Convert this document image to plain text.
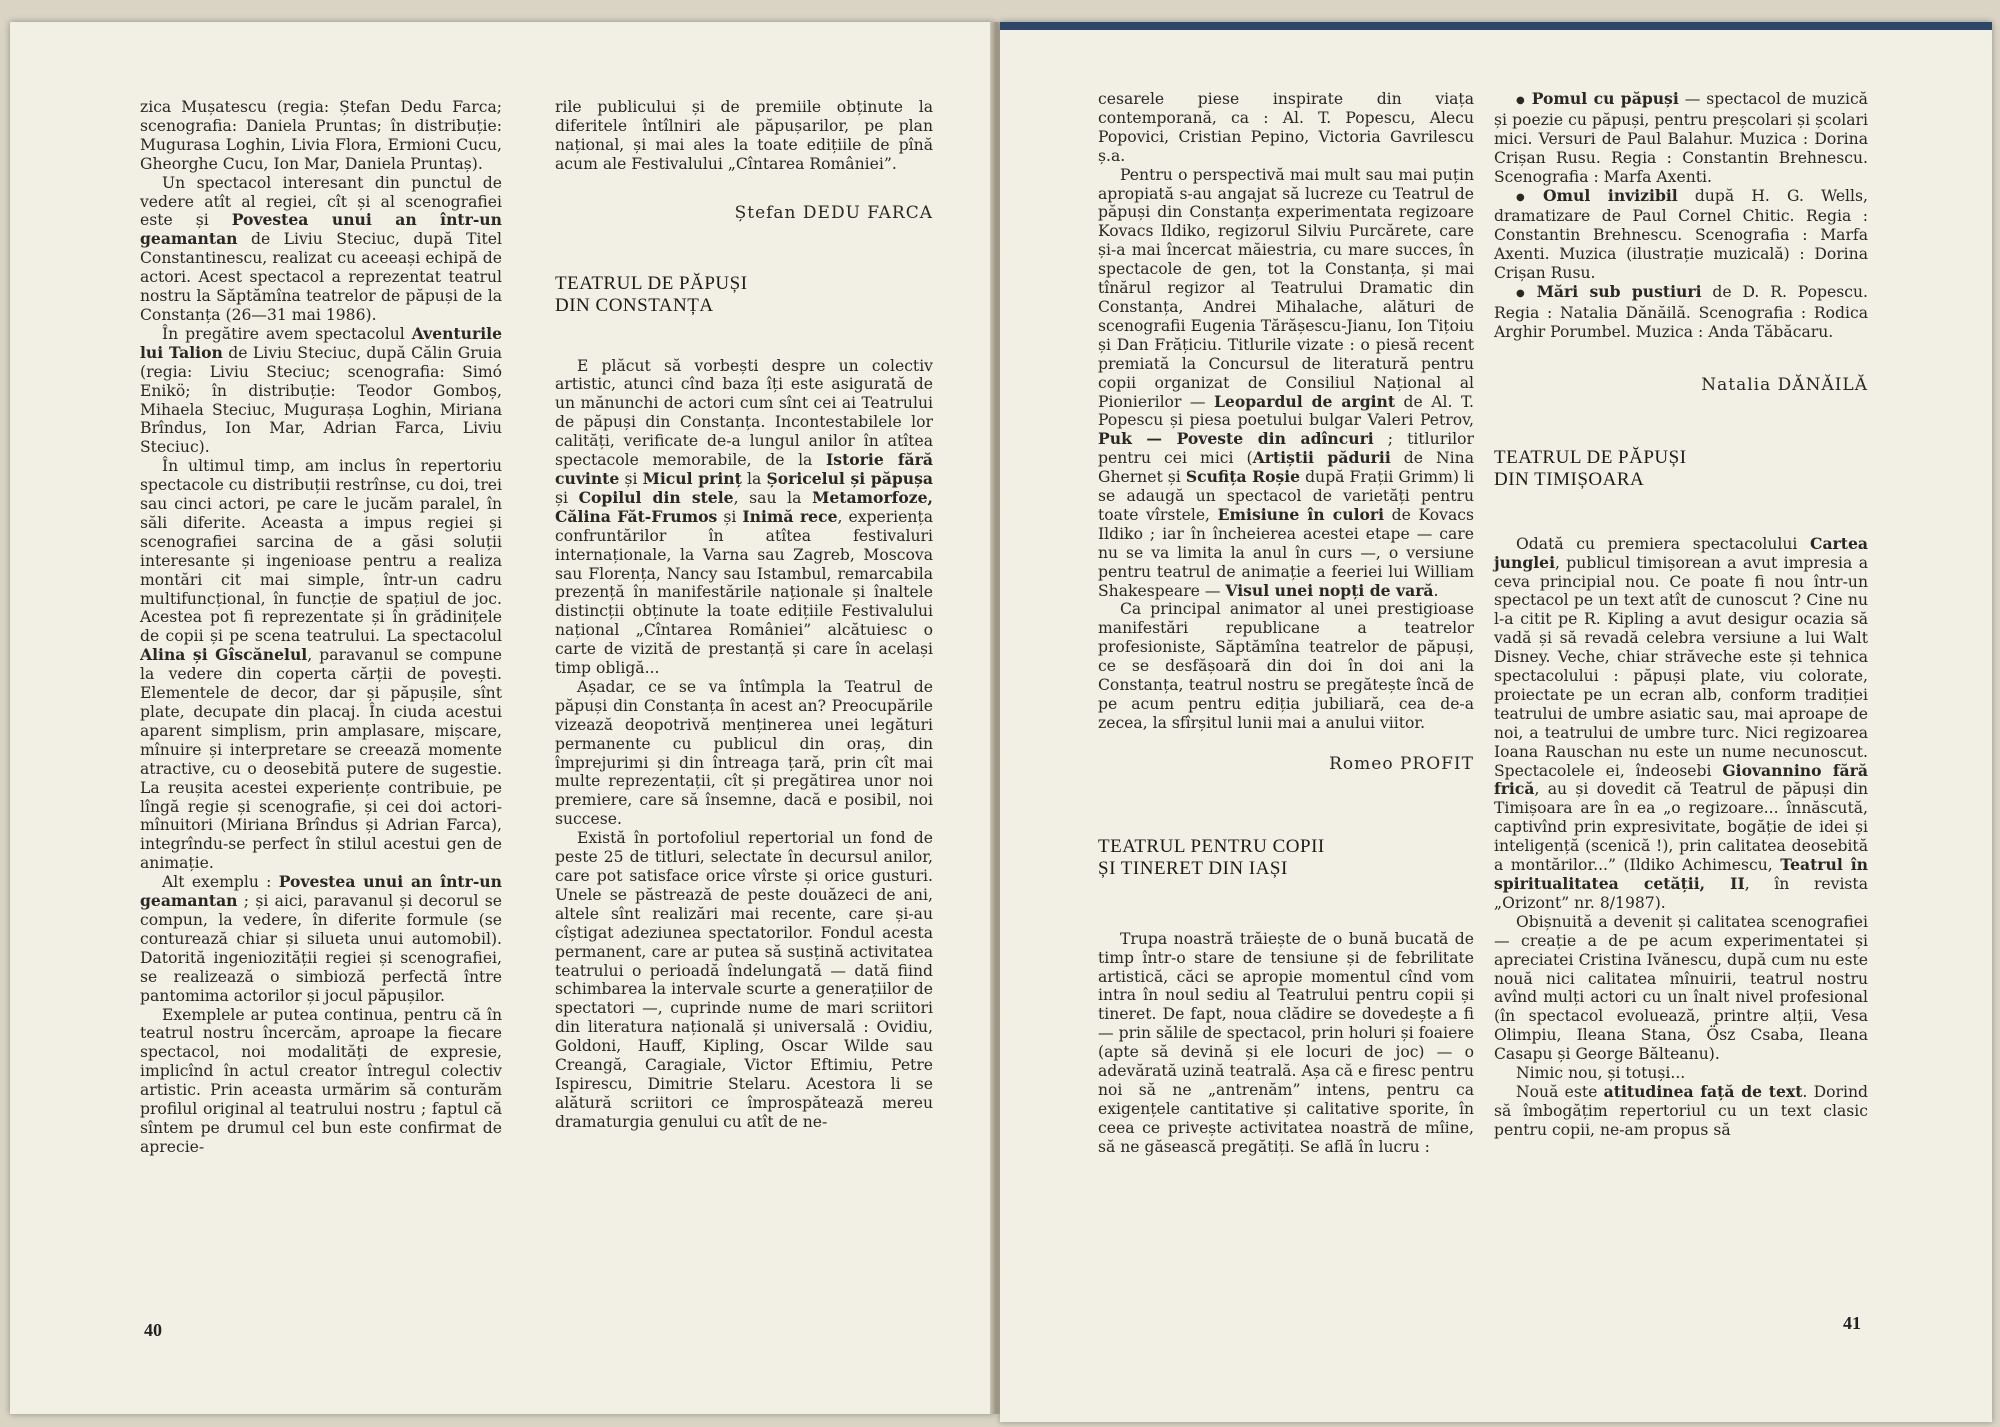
zica Mușatescu (regia: Ștefan Dedu Farca; scenografia: Daniela Pruntas; în distribuție: Mugurasa Loghin, Livia Flora, Ermioni Cucu, Gheorghe Cucu, Ion Mar, Daniela Pruntaș).

Un spectacol interesant din punctul de vedere atît al regiei, cît și al scenografiei este și Povestea unui an într-un geamantan de Liviu Steciuc, după Titel Constantinescu, realizat cu aceeași echipă de actori. Acest spectacol a reprezentat teatrul nostru la Săptămîna teatrelor de păpuși de la Constanța (26—31 mai 1986).

În pregătire avem spectacolul Aventurile lui Talion de Liviu Steciuc, după Călin Gruia (regia: Liviu Steciuc; scenografia: Simó Enikö; în distribuție: Teodor Gomboș, Mihaela Steciuc, Mugurașa Loghin, Miriana Brîndus, Ion Mar, Adrian Farca, Liviu Steciuc).

În ultimul timp, am inclus în repertoriu spectacole cu distribuții restrînse, cu doi, trei sau cinci actori, pe care le jucăm paralel, în săli diferite. Aceasta a impus regiei și scenografiei sarcina de a găsi soluții interesante și ingenioase pentru a realiza montări cit mai simple, într-un cadru multifuncțional, în funcție de spațiul de joc. Acestea pot fi reprezentate și în grădinițele de copii și pe scena teatrului. La spectacolul Alina și Gîscănelul, paravanul se compune la vedere din coperta cărții de povești. Elementele de decor, dar și păpușile, sînt plate, decupate din placaj. În ciuda acestui aparent simplism, prin amplasare, mișcare, mînuire și interpretare se creează momente atractive, cu o deosebită putere de sugestie. La reușita acestei experiențe contribuie, pe lîngă regie și scenografie, și cei doi actori-mînuitori (Miriana Brîndus și Adrian Farca), integrîndu-se perfect în stilul acestui gen de animație.

Alt exemplu : Povestea unui an într-un geamantan ; și aici, paravanul și decorul se compun, la vedere, în diferite formule (se conturează chiar și silueta unui automobil). Datorită ingeniozității regiei și scenografiei, se realizează o simbioză perfectă între pantomima actorilor și jocul păpușilor.

Exemplele ar putea continua, pentru că în teatrul nostru încercăm, aproape la fiecare spectacol, noi modalități de expresie, implicînd în actul creator întregul colectiv artistic. Prin aceasta urmărim să conturăm profilul original al teatrului nostru ; faptul că sîntem pe drumul cel bun este confirmat de aprecie-

rile publicului și de premiile obținute la diferitele întîlniri ale păpușarilor, pe plan național, și mai ales la toate edițiile de pînă acum ale Festivalului „Cîntarea României”.

Ștefan DEDU FARCA

TEATRUL DE PĂPUȘI
DIN CONSTANȚA

E plăcut să vorbești despre un colectiv artistic, atunci cînd baza îți este asigurată de un mănunchi de actori cum sînt cei ai Teatrului de păpuși din Constanța. Incontestabilele lor calități, verificate de-a lungul anilor în atîtea spectacole memorabile, de la Istorie fără cuvinte și Micul prinț la Șoricelul și păpușa și Copilul din stele, sau la Metamorfoze, Călina Făt-Frumos și Inimă rece, experiența confruntărilor în atîtea festivaluri internaționale, la Varna sau Zagreb, Moscova sau Florența, Nancy sau Istambul, remarcabila prezență în manifestările naționale și înaltele distincții obținute la toate edițiile Festivalului național „Cîntarea României” alcătuiesc o carte de vizită de prestanță și care în același timp obligă...

Așadar, ce se va întîmpla la Teatrul de păpuși din Constanța în acest an? Preocupările vizează deopotrivă menținerea unei legături permanente cu publicul din oraș, din împrejurimi și din întreaga țară, prin cît mai multe reprezentații, cît și pregătirea unor noi premiere, care să însemne, dacă e posibil, noi succese.

Există în portofoliul repertorial un fond de peste 25 de titluri, selectate în decursul anilor, care pot satisface orice vîrste și orice gusturi. Unele se păstrează de peste douăzeci de ani, altele sînt realizări mai recente, care și-au cîștigat adeziunea spectatorilor. Fondul acesta permanent, care ar putea să susțină activitatea teatrului o perioadă îndelungată — dată fiind schimbarea la intervale scurte a generațiilor de spectatori —, cuprinde nume de mari scriitori din literatura națională și universală : Ovidiu, Goldoni, Hauff, Kipling, Oscar Wilde sau Creangă, Caragiale, Victor Eftimiu, Petre Ispirescu, Dimitrie Stelaru. Acestora li se alătură scriitori ce împrospătează mereu dramaturgia genului cu atît de ne-

40

cesarele piese inspirate din viața contemporană, ca : Al. T. Popescu, Alecu Popovici, Cristian Pepino, Victoria Gavrilescu ș.a.

Pentru o perspectivă mai mult sau mai puțin apropiată s-au angajat să lucreze cu Teatrul de păpuși din Constanța experimentata regizoare Kovacs Ildiko, regizorul Silviu Purcărete, care și-a mai încercat măiestria, cu mare succes, în spectacole de gen, tot la Constanța, și mai tînărul regizor al Teatrului Dramatic din Constanța, Andrei Mihalache, alături de scenografii Eugenia Tărășescu-Jianu, Ion Tițoiu și Dan Frățiciu. Titlurile vizate : o piesă recent premiată la Concursul de literatură pentru copii organizat de Consiliul Național al Pionierilor — Leopardul de argint de Al. T. Popescu și piesa poetului bulgar Valeri Petrov, Puk — Poveste din adîncuri ; titlurilor pentru cei mici (Artiștii pădurii de Nina Ghernet și Scufița Roșie după Frații Grimm) li se adaugă un spectacol de varietăți pentru toate vîrstele, Emisiune în culori de Kovacs Ildiko ; iar în încheierea acestei etape — care nu se va limita la anul în curs —, o versiune pentru teatrul de animație a feeriei lui William Shakespeare — Visul unei nopți de vară.

Ca principal animator al unei prestigioase manifestări republicane a teatrelor profesioniste, Săptămîna teatrelor de păpuși, ce se desfășoară din doi în doi ani la Constanța, teatrul nostru se pregătește încă de pe acum pentru ediția jubiliară, cea de-a zecea, la sfîrșitul lunii mai a anului viitor.

Romeo PROFIT

TEATRUL PENTRU COPII
ȘI TINERET DIN IAȘI

Trupa noastră trăiește de o bună bucată de timp într-o stare de tensiune și de febrilitate artistică, căci se apropie momentul cînd vom intra în noul sediu al Teatrului pentru copii și tineret. De fapt, noua clădire se dovedește a fi — prin sălile de spectacol, prin holuri și foaiere (apte să devină și ele locuri de joc) — o adevărată uzină teatrală. Așa că e firesc pentru noi să ne „antrenăm” intens, pentru ca exigențele cantitative și calitative sporite, în ceea ce privește activitatea noastră de mîine, să ne găsească pregătiți. Se află în lucru :

● Pomul cu păpuși — spectacol de muzică și poezie cu păpuși, pentru preșcolari și școlari mici. Versuri de Paul Balahur. Muzica : Dorina Crișan Rusu. Regia : Constantin Brehnescu. Scenografia : Marfa Axenti.

● Omul invizibil după H. G. Wells, dramatizare de Paul Cornel Chitic. Regia : Constantin Brehnescu. Scenografia : Marfa Axenti. Muzica (ilustrație muzicală) : Dorina Crișan Rusu.

● Mări sub pustiuri de D. R. Popescu. Regia : Natalia Dănăilă. Scenografia : Rodica Arghir Porumbel. Muzica : Anda Tăbăcaru.

Natalia DĂNĂILĂ

TEATRUL DE PĂPUȘI
DIN TIMIȘOARA

Odată cu premiera spectacolului Cartea junglei, publicul timișorean a avut impresia a ceva principial nou. Ce poate fi nou într-un spectacol pe un text atît de cunoscut ? Cine nu l-a citit pe R. Kipling a avut desigur ocazia să vadă și să revadă celebra versiune a lui Walt Disney. Veche, chiar străveche este și tehnica spectacolului : păpuși plate, viu colorate, proiectate pe un ecran alb, conform tradiției teatrului de umbre asiatic sau, mai aproape de noi, a teatrului de umbre turc. Nici regizoarea Ioana Rauschan nu este un nume necunoscut. Spectacolele ei, îndeosebi Giovannino fără frică, au și dovedit că Teatrul de păpuși din Timișoara are în ea „o regizoare... înnăscută, captivînd prin expresivitate, bogăție de idei și inteligență (scenică !), prin calitatea deosebită a montărilor...” (Ildiko Achimescu, Teatrul în spiritualitatea cetății, II, în revista „Orizont” nr. 8/1987).

Obișnuită a devenit și calitatea scenografiei — creație a de pe acum experimentatei și apreciatei Cristina Ivănescu, după cum nu este nouă nici calitatea mînuirii, teatrul nostru avînd mulți actori cu un înalt nivel profesional (în spectacol evoluează, printre alții, Vesa Olimpiu, Ileana Stana, Ösz Csaba, Ileana Casapu și George Bălteanu).

Nimic nou, și totuși...

Nouă este atitudinea față de text. Dorind să îmbogățim repertoriul cu un text clasic pentru copii, ne-am propus să

41
